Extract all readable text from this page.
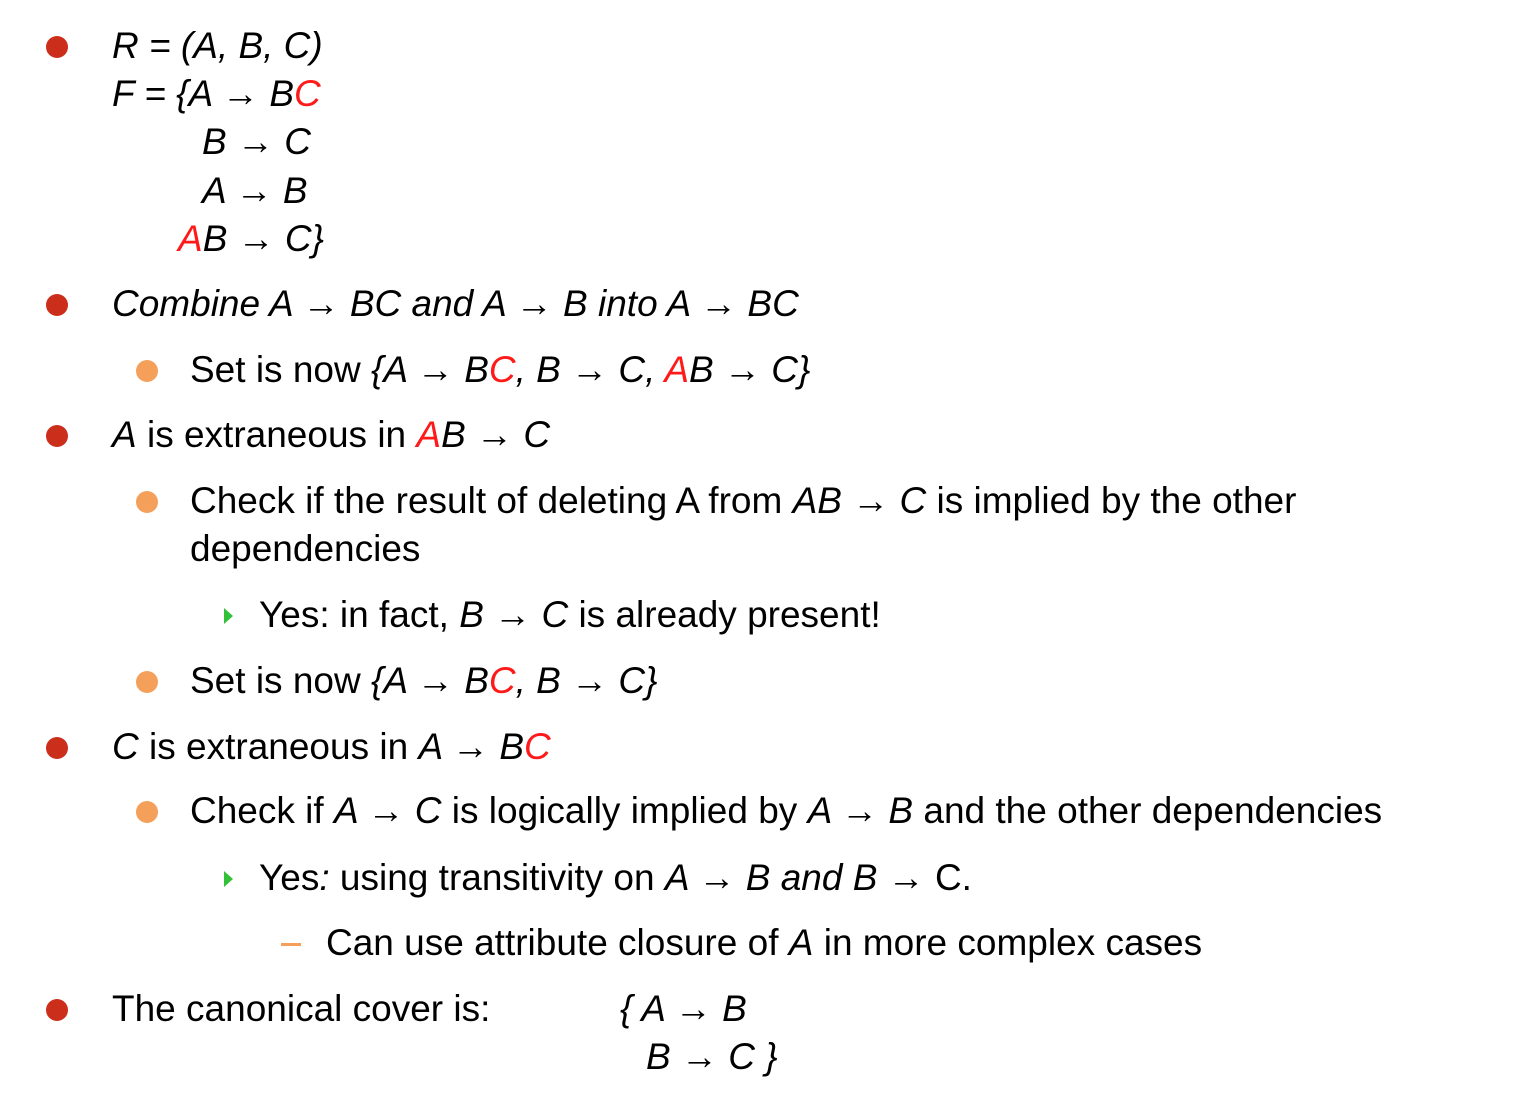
R = (A, B, C)
F = {A → BC
B → C
A → B
AB → C}
Combine A → BC and A → B into A → BC
Set is now {A → BC, B → C, AB → C}
A is extraneous in AB → C
Check if the result of deleting A from AB → C is implied by the other
dependencies
Yes: in fact, B → C is already present!
Set is now {A → BC, B → C}
C is extraneous in A → BC
Check if A → C is logically implied by A → B and the other dependencies
Yes: using transitivity on A → B and B → C.
Can use attribute closure of A in more complex cases
The canonical cover is:	{ A → B
B → C }
